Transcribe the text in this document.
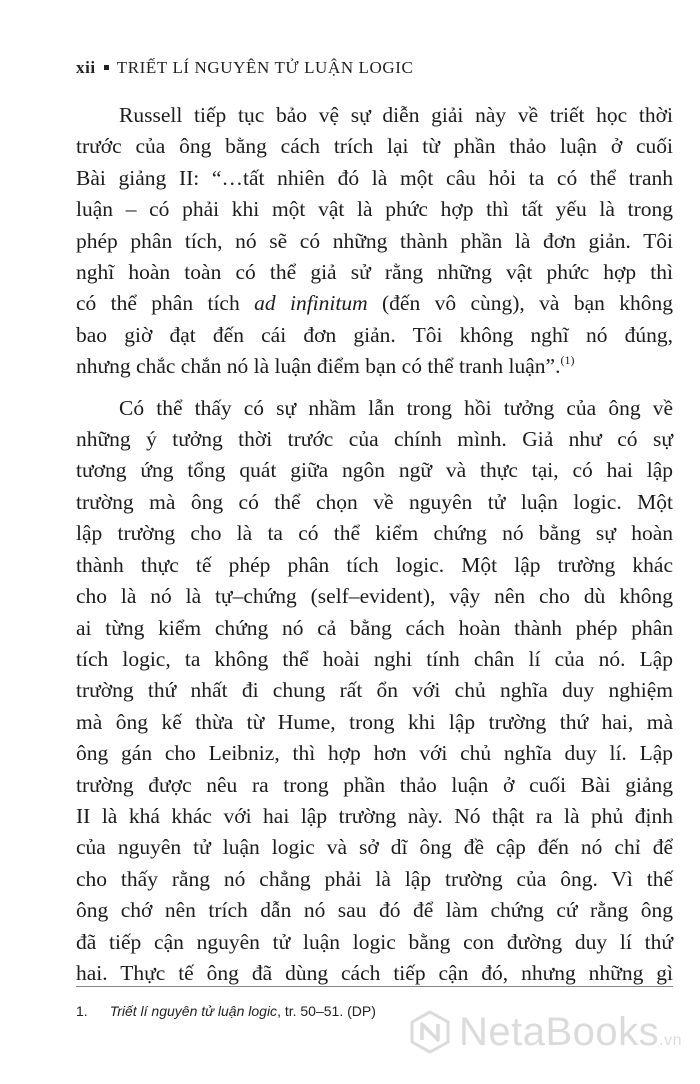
xii TRIẾT LÍ NGUYÊN TỬ LUẬN LOGIC
Russell tiếp tục bảo vệ sự diễn giải này về triết học thời
trước của ông bằng cách trích lại từ phần thảo luận ở cuối
Bài giảng II: “…tất nhiên đó là một câu hỏi ta có thể tranh
luận – có phải khi một vật là phức hợp thì tất yếu là trong
phép phân tích, nó sẽ có những thành phần là đơn giản. Tôi
nghĩ hoàn toàn có thể giả sử rằng những vật phức hợp thì
có thể phân tích ad infinitum (đến vô cùng), và bạn không
bao giờ đạt đến cái đơn giản. Tôi không nghĩ nó đúng,
nhưng chắc chắn nó là luận điểm bạn có thể tranh luận”.$^{(1)}$
Có thể thấy có sự nhầm lẫn trong hồi tưởng của ông về
những ý tưởng thời trước của chính mình. Giả như có sự
tương ứng tổng quát giữa ngôn ngữ và thực tại, có hai lập
trường mà ông có thể chọn về nguyên tử luận logic. Một
lập trường cho là ta có thể kiểm chứng nó bằng sự hoàn
thành thực tế phép phân tích logic. Một lập trường khác
cho là nó là tự–chứng (self–evident), vậy nên cho dù không
ai từng kiểm chứng nó cả bằng cách hoàn thành phép phân
tích logic, ta không thể hoài nghi tính chân lí của nó. Lập
trường thứ nhất đi chung rất ổn với chủ nghĩa duy nghiệm
mà ông kế thừa từ Hume, trong khi lập trường thứ hai, mà
ông gán cho Leibniz, thì hợp hơn với chủ nghĩa duy lí. Lập
trường được nêu ra trong phần thảo luận ở cuối Bài giảng
II là khá khác với hai lập trường này. Nó thật ra là phủ định
của nguyên tử luận logic và sở dĩ ông đề cập đến nó chỉ để
cho thấy rằng nó chẳng phải là lập trường của ông. Vì thế
ông chớ nên trích dẫn nó sau đó để làm chứng cứ rằng ông
đã tiếp cận nguyên tử luận logic bằng con đường duy lí thứ
hai. Thực tế ông đã dùng cách tiếp cận đó, nhưng những gì
1. Triết lí nguyên tử luận logic, tr. 50–51. (DP) NetaBooks.vn
